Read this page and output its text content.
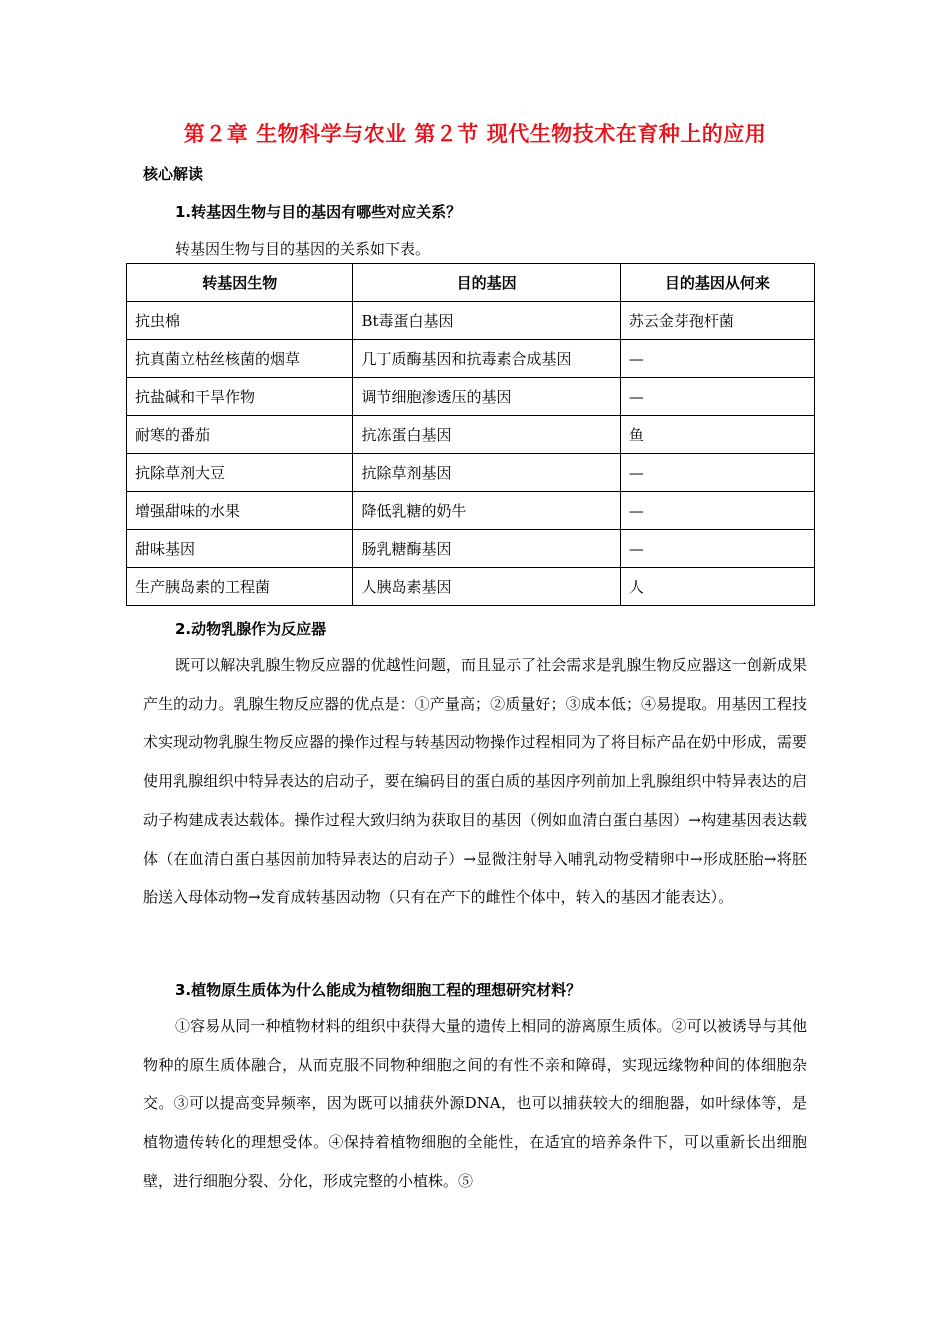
第２章 生物科学与农业 第２节 现代生物技术在育种上的应用
核心解读
1.转基因生物与目的基因有哪些对应关系？
转基因生物与目的基因的关系如下表。
转基因生物	目的基因	目的基因从何来
抗虫棉	Bt毒蛋白基因	苏云金芽孢杆菌
抗真菌立枯丝核菌的烟草	几丁质酶基因和抗毒素合成基因	—
抗盐碱和干旱作物	调节细胞渗透压的基因	—
耐寒的番茄	抗冻蛋白基因	鱼
抗除草剂大豆	抗除草剂基因	—
增强甜味的水果	降低乳糖的奶牛	—
甜味基因	肠乳糖酶基因	—
生产胰岛素的工程菌	人胰岛素基因	人
2.动物乳腺作为反应器

既可以解决乳腺生物反应器的优越性问题，而且显示了社会需求是乳腺生物反应器这一创新成果产生的动力。乳腺生物反应器的优点是：①产量高；②质量好；③成本低；④易提取。用基因工程技术实现动物乳腺生物反应器的操作过程与转基因动物操作过程相同为了将目标产品在奶中形成，需要使用乳腺组织中特异表达的启动子，要在编码目的蛋白质的基因序列前加上乳腺组织中特异表达的启动子构建成表达载体。操作过程大致归纳为获取目的基因（例如血清白蛋白基因）→构建基因表达载体（在血清白蛋白基因前加特异表达的启动子）→显微注射导入哺乳动物受精卵中→形成胚胎→将胚胎送入母体动物→发育成转基因动物（只有在产下的雌性个体中，转入的基因才能表达）。

3.植物原生质体为什么能成为植物细胞工程的理想研究材料？

①容易从同一种植物材料的组织中获得大量的遗传上相同的游离原生质体。②可以被诱导与其他物种的原生质体融合，从而克服不同物种细胞之间的有性不亲和障碍，实现远缘物种间的体细胞杂交。③可以提高变异频率，因为既可以捕获外源DNA，也可以捕获较大的细胞器，如叶绿体等，是植物遗传转化的理想受体。④保持着植物细胞的全能性，在适宜的培养条件下，可以重新长出细胞壁，进行细胞分裂、分化，形成完整的小植株。⑤
